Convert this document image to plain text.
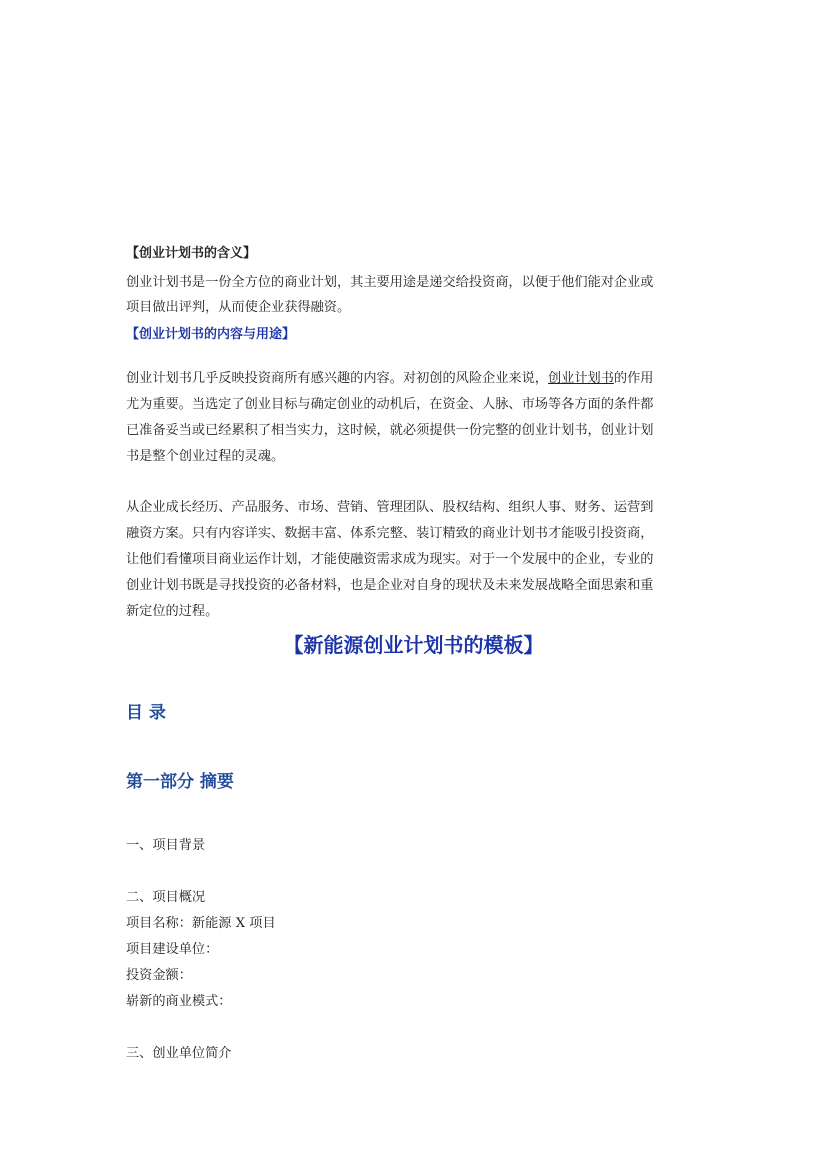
【创业计划书的含义】
创业计划书是一份全方位的商业计划，其主要用途是递交给投资商，以便于他们能对企业或
项目做出评判，从而使企业获得融资。
【创业计划书的内容与用途】
创业计划书几乎反映投资商所有感兴趣的内容。对初创的风险企业来说，创业计划书的作用
尤为重要。当选定了创业目标与确定创业的动机后，在资金、人脉、市场等各方面的条件都
已准备妥当或已经累积了相当实力，这时候，就必须提供一份完整的创业计划书，创业计划
书是整个创业过程的灵魂。
从企业成长经历、产品服务、市场、营销、管理团队、股权结构、组织人事、财务、运营到
融资方案。只有内容详实、数据丰富、体系完整、装订精致的商业计划书才能吸引投资商，
让他们看懂项目商业运作计划，才能使融资需求成为现实。对于一个发展中的企业，专业的
创业计划书既是寻找投资的必备材料，也是企业对自身的现状及未来发展战略全面思索和重
新定位的过程。
【新能源创业计划书的模板】
目 录
第一部分 摘要
一、项目背景
二、项目概况
项目名称：新能源 X 项目
项目建设单位：
投资金额：
崭新的商业模式：
三、创业单位简介
